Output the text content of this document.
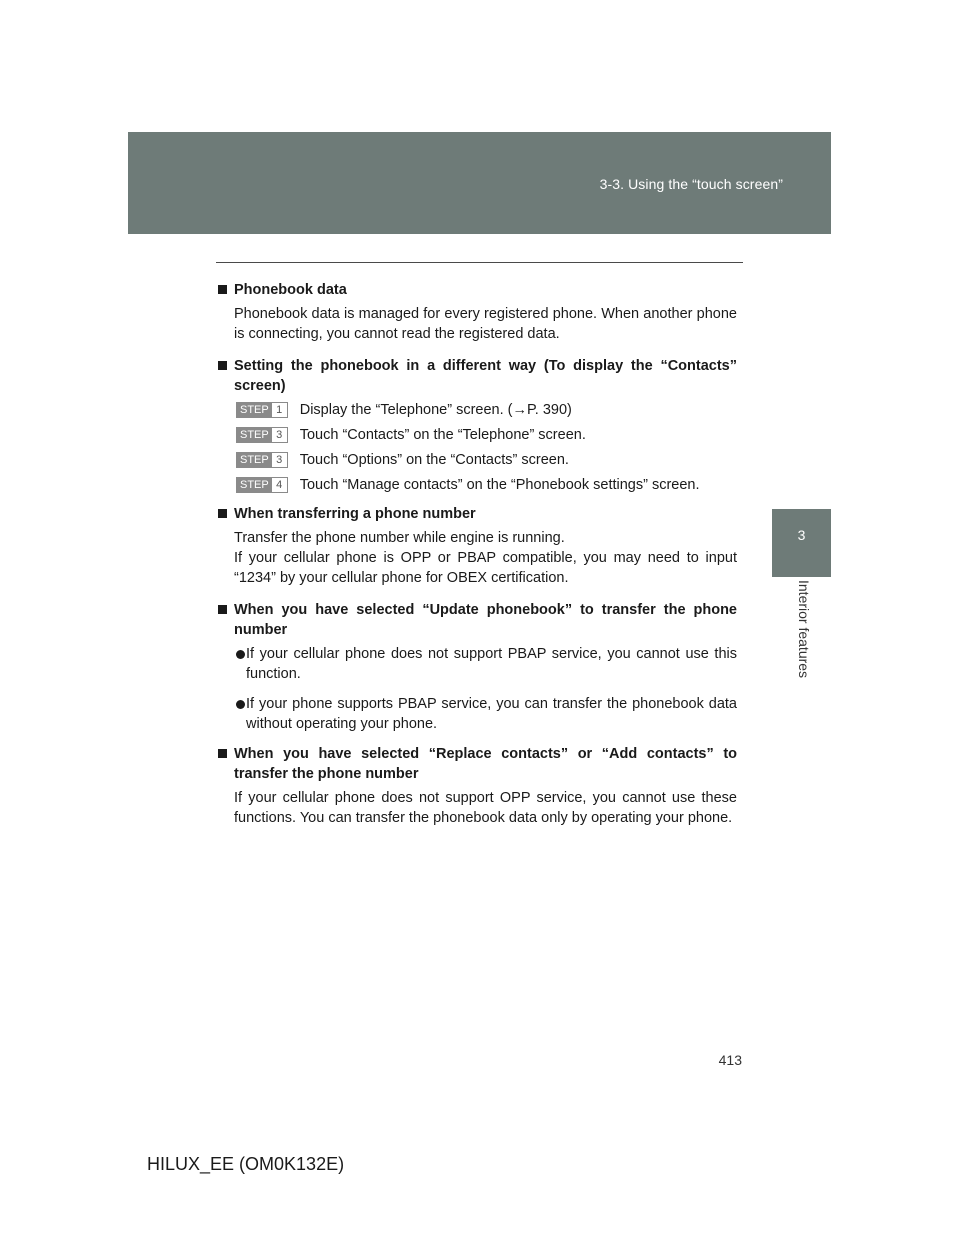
3-3. Using the “touch screen”
3
Interior features
Phonebook data

Phonebook data is managed for every registered phone. When another phone is connecting, you cannot read the registered data.

Setting the phonebook in a different way (To display the “Contacts” screen)
STEP 1	Display the “Telephone” screen. (→P. 390)
STEP 3	Touch “Contacts” on the “Telephone” screen.
STEP 3	Touch “Options” on the “Contacts” screen.
STEP 4	Touch “Manage contacts” on the “Phonebook settings” screen.
When transferring a phone number

Transfer the phone number while engine is running.
If your cellular phone is OPP or PBAP compatible, you may need to input “1234” by your cellular phone for OBEX certification.

When you have selected “Update phonebook” to transfer the phone number
If your cellular phone does not support PBAP service, you cannot use this function.
If your phone supports PBAP service, you can transfer the phonebook data without operating your phone.
When you have selected “Replace contacts” or “Add contacts” to transfer the phone number

If your cellular phone does not support OPP service, you cannot use these functions. You can transfer the phonebook data only by operating your phone.

413
HILUX_EE (OM0K132E)
